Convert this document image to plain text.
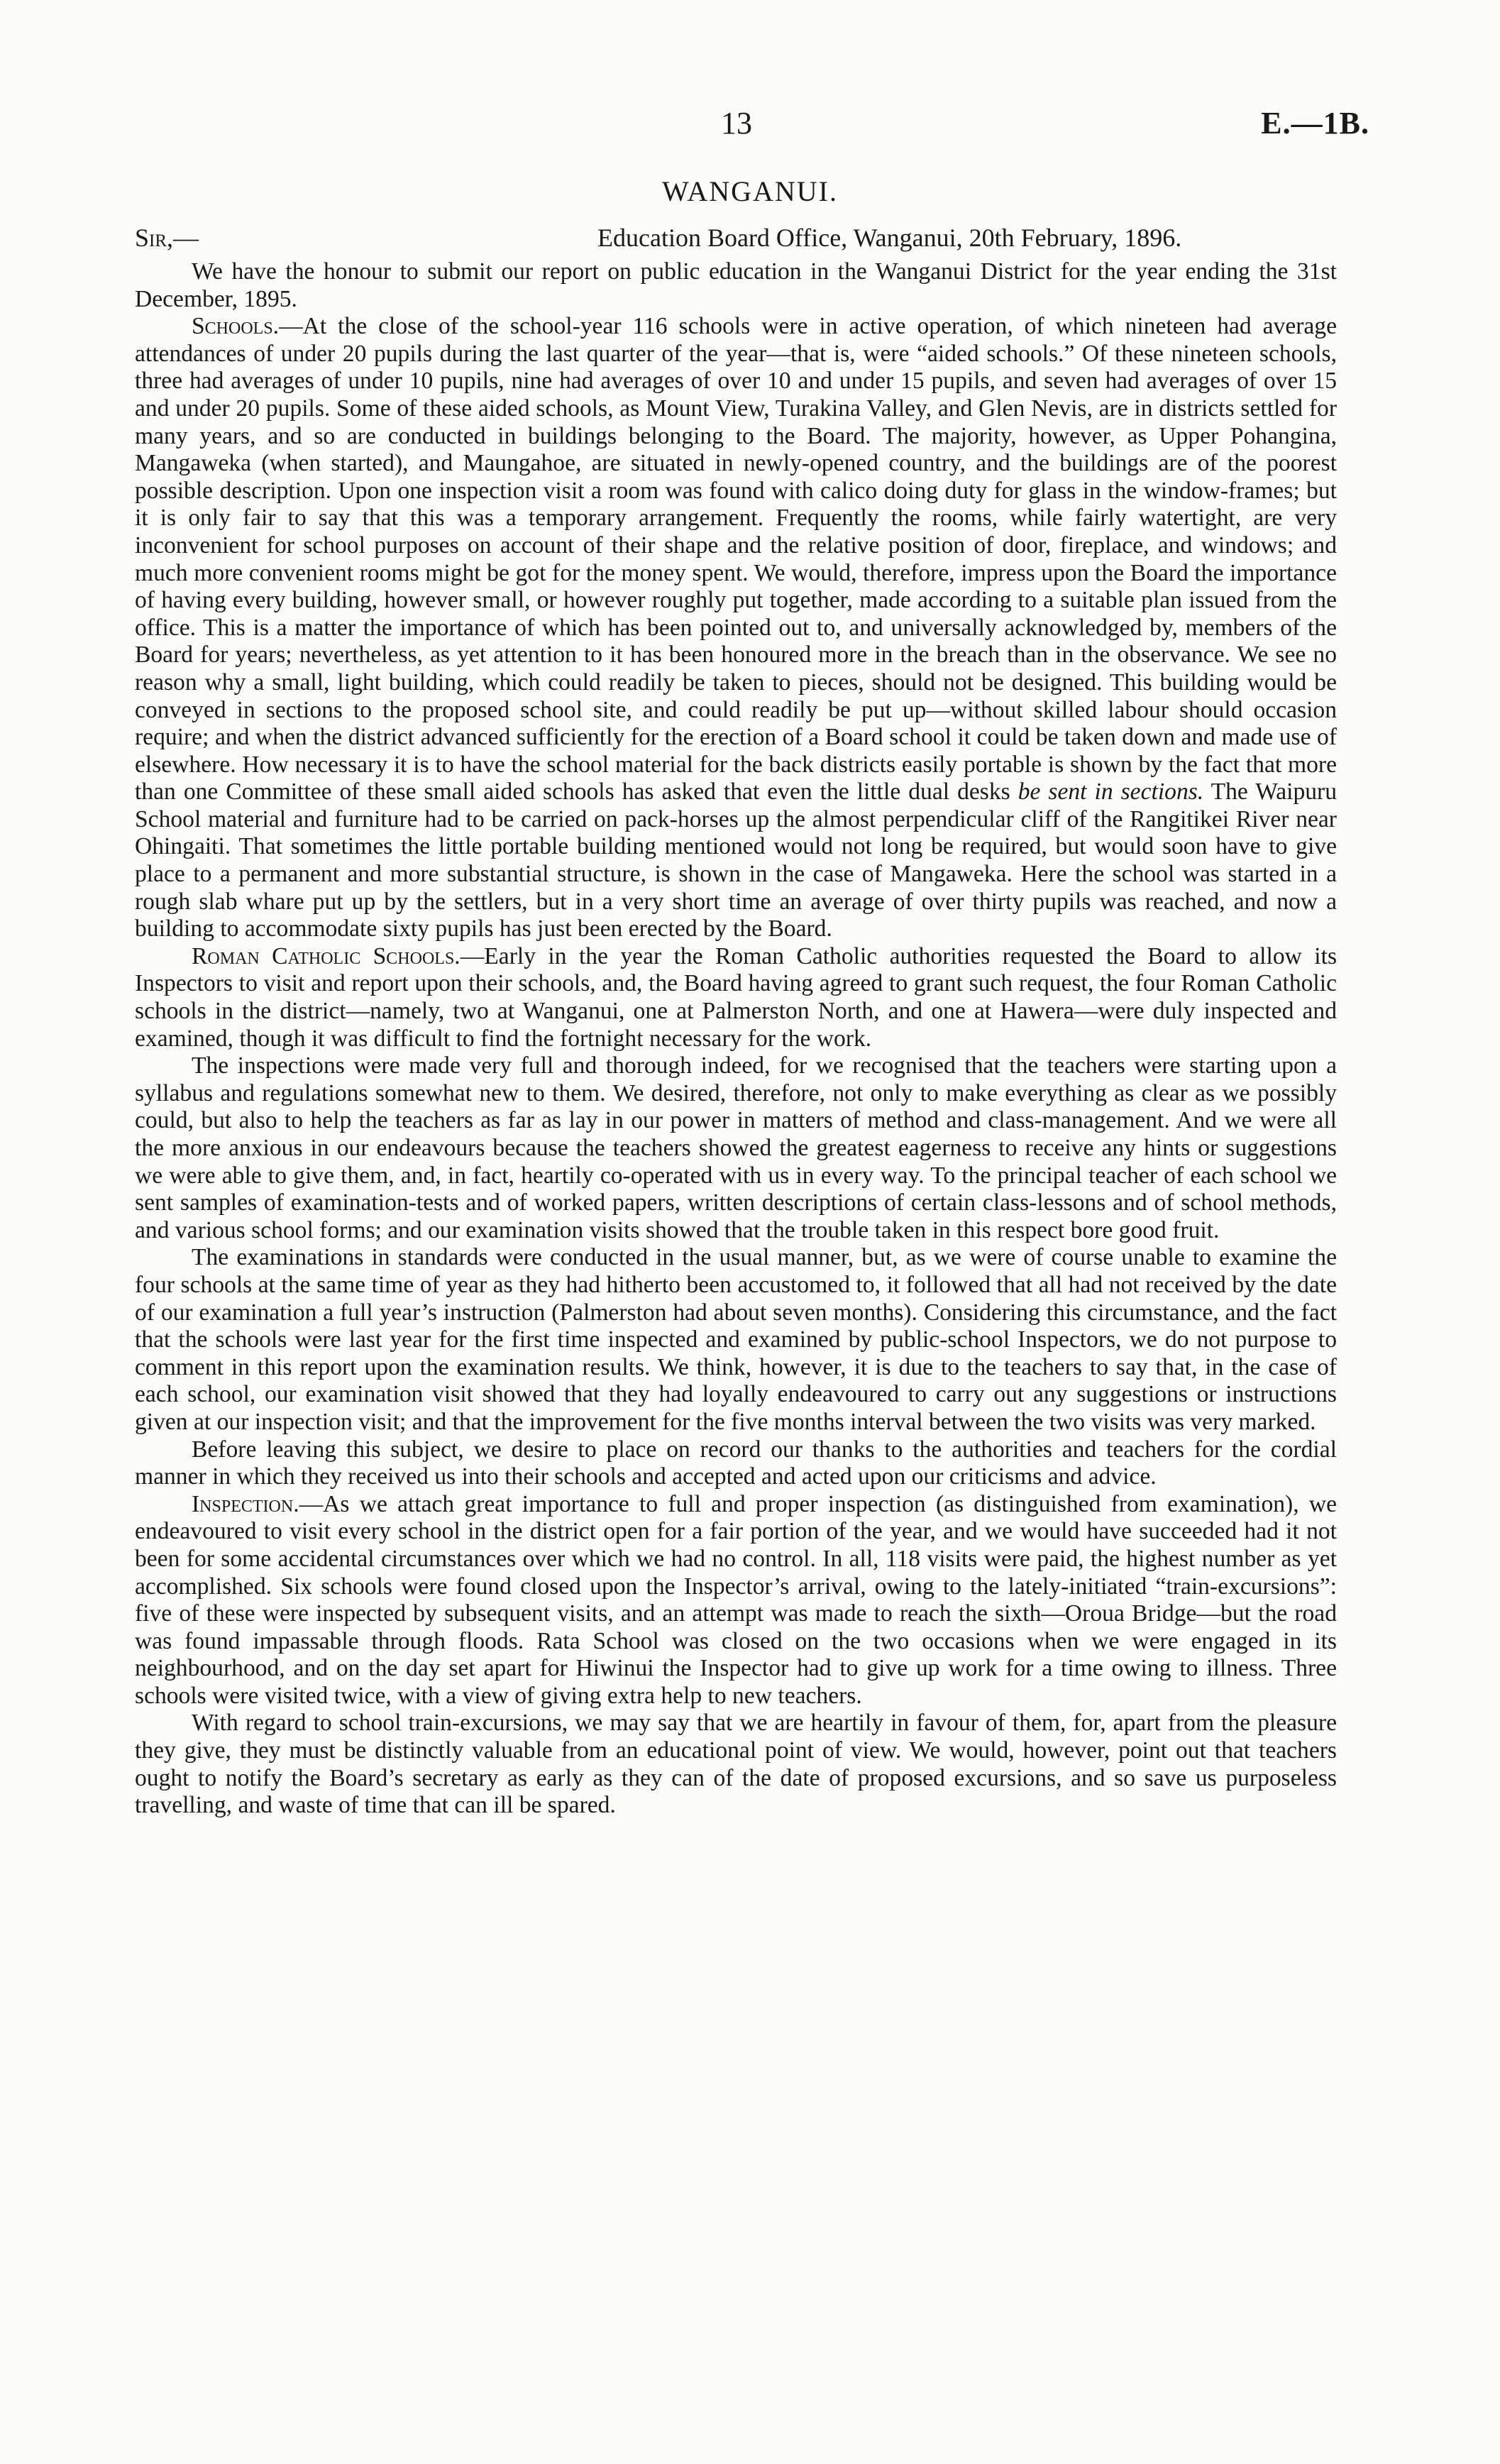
13	E.—1B.
WANGANUI.
Sir,—	Education Board Office, Wanganui, 20th February, 1896.

We have the honour to submit our report on public education in the Wanganui District for the year ending the 31st December, 1895.

Schools.—At the close of the school-year 116 schools were in active operation, of which nineteen had average attendances of under 20 pupils during the last quarter of the year—that is, were “aided schools.” Of these nineteen schools, three had averages of under 10 pupils, nine had averages of over 10 and under 15 pupils, and seven had averages of over 15 and under 20 pupils. Some of these aided schools, as Mount View, Turakina Valley, and Glen Nevis, are in districts settled for many years, and so are conducted in buildings belonging to the Board. The majority, however, as Upper Pohangina, Mangaweka (when started), and Maungahoe, are situated in newly-opened country, and the buildings are of the poorest possible description. Upon one inspection visit a room was found with calico doing duty for glass in the window-frames; but it is only fair to say that this was a temporary arrangement. Frequently the rooms, while fairly watertight, are very inconvenient for school purposes on account of their shape and the relative position of door, fireplace, and windows; and much more convenient rooms might be got for the money spent. We would, therefore, impress upon the Board the importance of having every building, however small, or however roughly put together, made according to a suitable plan issued from the office. This is a matter the importance of which has been pointed out to, and universally acknowledged by, members of the Board for years; nevertheless, as yet attention to it has been honoured more in the breach than in the observance. We see no reason why a small, light building, which could readily be taken to pieces, should not be designed. This building would be conveyed in sections to the proposed school site, and could readily be put up—without skilled labour should occasion require; and when the district advanced sufficiently for the erection of a Board school it could be taken down and made use of elsewhere. How necessary it is to have the school material for the back districts easily portable is shown by the fact that more than one Committee of these small aided schools has asked that even the little dual desks be sent in sections. The Waipuru School material and furniture had to be carried on pack-horses up the almost perpendicular cliff of the Rangitikei River near Ohingaiti. That sometimes the little portable building mentioned would not long be required, but would soon have to give place to a permanent and more substantial structure, is shown in the case of Mangaweka. Here the school was started in a rough slab whare put up by the settlers, but in a very short time an average of over thirty pupils was reached, and now a building to accommodate sixty pupils has just been erected by the Board.

Roman Catholic Schools.—Early in the year the Roman Catholic authorities requested the Board to allow its Inspectors to visit and report upon their schools, and, the Board having agreed to grant such request, the four Roman Catholic schools in the district—namely, two at Wanganui, one at Palmerston North, and one at Hawera—were duly inspected and examined, though it was difficult to find the fortnight necessary for the work.

The inspections were made very full and thorough indeed, for we recognised that the teachers were starting upon a syllabus and regulations somewhat new to them. We desired, therefore, not only to make everything as clear as we possibly could, but also to help the teachers as far as lay in our power in matters of method and class-management. And we were all the more anxious in our endeavours because the teachers showed the greatest eagerness to receive any hints or suggestions we were able to give them, and, in fact, heartily co-operated with us in every way. To the principal teacher of each school we sent samples of examination-tests and of worked papers, written descriptions of certain class-lessons and of school methods, and various school forms; and our examination visits showed that the trouble taken in this respect bore good fruit.

The examinations in standards were conducted in the usual manner, but, as we were of course unable to examine the four schools at the same time of year as they had hitherto been accustomed to, it followed that all had not received by the date of our examination a full year’s instruction (Palmerston had about seven months). Considering this circumstance, and the fact that the schools were last year for the first time inspected and examined by public-school Inspectors, we do not purpose to comment in this report upon the examination results. We think, however, it is due to the teachers to say that, in the case of each school, our examination visit showed that they had loyally endeavoured to carry out any suggestions or instructions given at our inspection visit; and that the improvement for the five months interval between the two visits was very marked.

Before leaving this subject, we desire to place on record our thanks to the authorities and teachers for the cordial manner in which they received us into their schools and accepted and acted upon our criticisms and advice.

Inspection.—As we attach great importance to full and proper inspection (as distinguished from examination), we endeavoured to visit every school in the district open for a fair portion of the year, and we would have succeeded had it not been for some accidental circumstances over which we had no control. In all, 118 visits were paid, the highest number as yet accomplished. Six schools were found closed upon the Inspector’s arrival, owing to the lately-initiated “train-excursions”: five of these were inspected by subsequent visits, and an attempt was made to reach the sixth—Oroua Bridge—but the road was found impassable through floods. Rata School was closed on the two occasions when we were engaged in its neighbourhood, and on the day set apart for Hiwinui the Inspector had to give up work for a time owing to illness. Three schools were visited twice, with a view of giving extra help to new teachers.

With regard to school train-excursions, we may say that we are heartily in favour of them, for, apart from the pleasure they give, they must be distinctly valuable from an educational point of view. We would, however, point out that teachers ought to notify the Board’s secretary as early as they can of the date of proposed excursions, and so save us purposeless travelling, and waste of time that can ill be spared.
